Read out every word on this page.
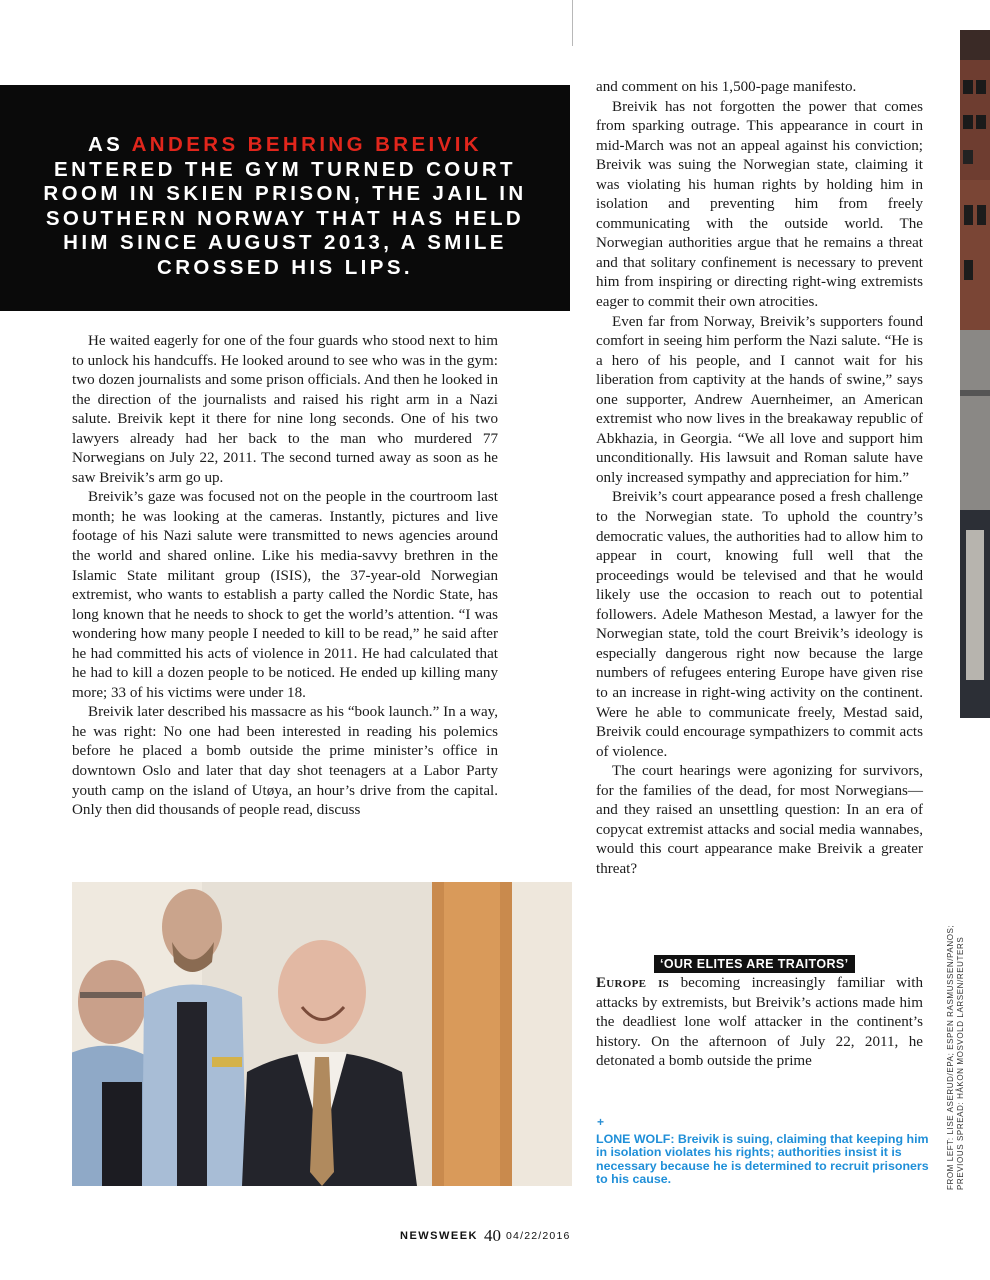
AS ANDERS BEHRING BREIVIK ENTERED THE GYM TURNED COURT ROOM IN SKIEN PRISON, THE JAIL IN SOUTHERN NORWAY THAT HAS HELD HIM SINCE AUGUST 2013, A SMILE CROSSED HIS LIPS.

He waited eagerly for one of the four guards who stood next to him to unlock his handcuffs. He looked around to see who was in the gym: two dozen journalists and some prison officials. And then he looked in the direction of the journalists and raised his right arm in a Nazi salute. Breivik kept it there for nine long seconds. One of his two lawyers already had her back to the man who murdered 77 Norwegians on July 22, 2011. The second turned away as soon as he saw Breivik’s arm go up.

Breivik’s gaze was focused not on the people in the courtroom last month; he was looking at the cameras. Instantly, pictures and live footage of his Nazi salute were transmitted to news agencies around the world and shared online. Like his media-savvy brethren in the Islamic State militant group (ISIS), the 37-year-old Norwegian extremist, who wants to establish a party called the Nordic State, has long known that he needs to shock to get the world’s attention. “I was wondering how many people I needed to kill to be read,” he said after he had committed his acts of violence in 2011. He had calculated that he had to kill a dozen people to be noticed. He ended up killing many more; 33 of his victims were under 18.

Breivik later described his massacre as his “book launch.” In a way, he was right: No one had been interested in reading his polemics before he placed a bomb outside the prime minister’s office in downtown Oslo and later that day shot teenagers at a Labor Party youth camp on the island of Utøya, an hour’s drive from the capital. Only then did thousands of people read, discuss

and comment on his 1,500-page manifesto.

Breivik has not forgotten the power that comes from sparking outrage. This appearance in court in mid-March was not an appeal against his conviction; Breivik was suing the Norwegian state, claiming it was violating his human rights by holding him in isolation and preventing him from freely communicating with the outside world. The Norwegian authorities argue that he remains a threat and that solitary confinement is necessary to prevent him from inspiring or directing right-wing extremists eager to commit their own atrocities.

Even far from Norway, Breivik’s supporters found comfort in seeing him perform the Nazi salute. “He is a hero of his people, and I cannot wait for his liberation from captivity at the hands of swine,” says one supporter, Andrew Auernheimer, an American extremist who now lives in the breakaway republic of Abkhazia, in Georgia. “We all love and support him unconditionally. His lawsuit and Roman salute have only increased sympathy and appreciation for him.”

Breivik’s court appearance posed a fresh challenge to the Norwegian state. To uphold the country’s democratic values, the authorities had to allow him to appear in court, knowing full well that the proceedings would be televised and that he would likely use the occasion to reach out to potential followers. Adele Matheson Mestad, a lawyer for the Norwegian state, told the court Breivik’s ideology is especially dangerous right now because the large numbers of refugees entering Europe have given rise to an increase in right-wing activity on the continent. Were he able to communicate freely, Mestad said, Breivik could encourage sympathizers to commit acts of violence.

The court hearings were agonizing for survivors, for the families of the dead, for most Norwegians—and they raised an unsettling question: In an era of copycat extremist attacks and social media wannabes, would this court appearance make Breivik a greater threat?

‘OUR ELITES ARE TRAITORS’

Europe is becoming increasingly familiar with attacks by extremists, but Breivik’s actions made him the deadliest lone wolf attacker in the continent’s history. On the afternoon of July 22, 2011, he detonated a bomb outside the prime

+
LONE WOLF: Breivik is suing, claiming that keeping him in isolation violates his rights; authorities insist it is necessary because he is determined to recruit prisoners to his cause.	FROM LEFT: LISE ASERUD/EPA; ESPEN RASMUSSEN/PANOS; PREVIOUS SPREAD: HÅKON MOSVOLD LARSEN/REUTERS
NEWSWEEK 40 04/22/2016
